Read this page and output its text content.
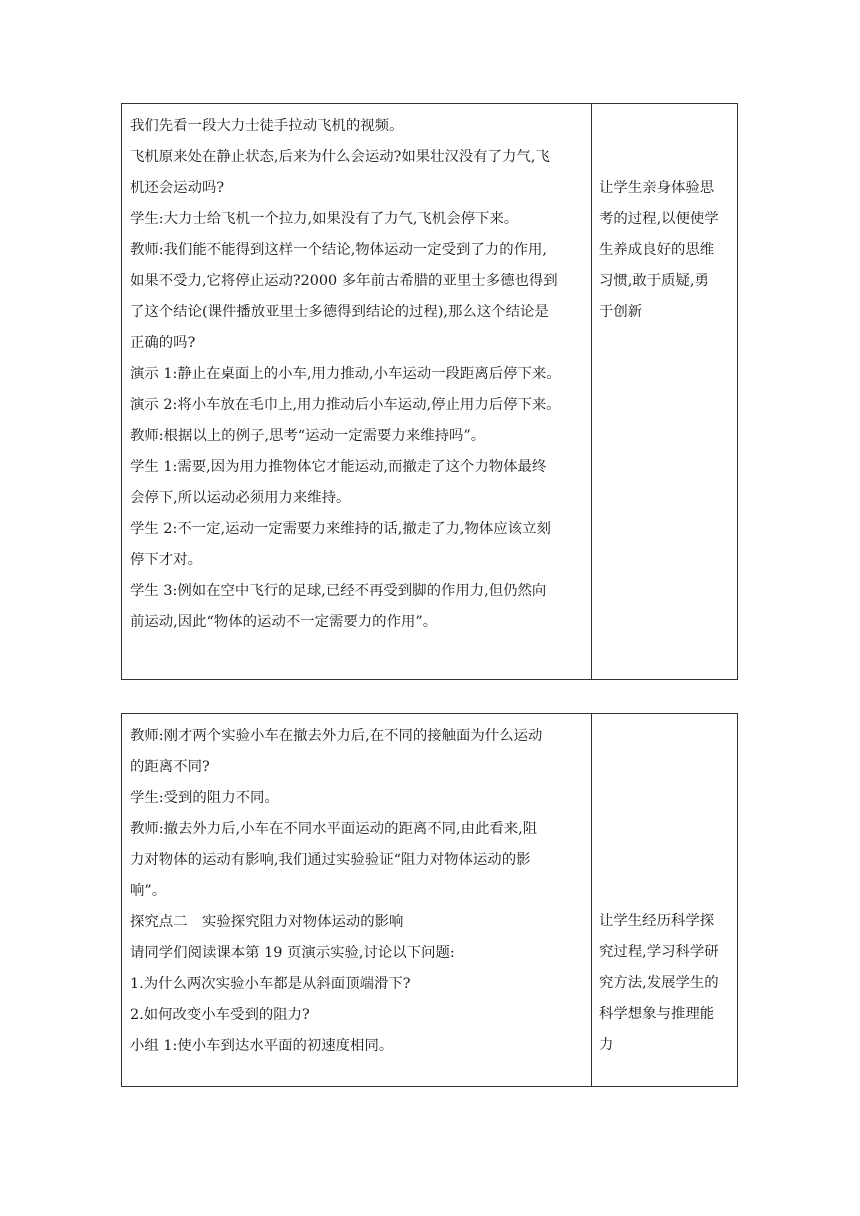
我们先看一段大力士徒手拉动飞机的视频。

飞机原来处在静止状态,后来为什么会运动?如果壮汉没有了力气,飞

机还会运动吗?

学生:大力士给飞机一个拉力,如果没有了力气,飞机会停下来。

教师:我们能不能得到这样一个结论,物体运动一定受到了力的作用,

如果不受力,它将停止运动?2000 多年前古希腊的亚里士多德也得到

了这个结论(课件播放亚里士多德得到结论的过程),那么这个结论是

正确的吗?

演示 1:静止在桌面上的小车,用力推动,小车运动一段距离后停下来。

演示 2:将小车放在毛巾上,用力推动后小车运动,停止用力后停下来。

教师:根据以上的例子,思考“运动一定需要力来维持吗”。

学生 1:需要,因为用力推物体它才能运动,而撤走了这个力物体最终

会停下,所以运动必须用力来维持。

学生 2:不一定,运动一定需要力来维持的话,撤走了力,物体应该立刻

停下才对。

学生 3:例如在空中飞行的足球,已经不再受到脚的作用力,但仍然向

前运动,因此“物体的运动不一定需要力的作用”。

让学生亲身体验思

考的过程,以便使学

生养成良好的思维

习惯,敢于质疑,勇

于创新

教师:刚才两个实验小车在撤去外力后,在不同的接触面为什么运动

的距离不同?

学生:受到的阻力不同。

教师:撤去外力后,小车在不同水平面运动的距离不同,由此看来,阻

力对物体的运动有影响,我们通过实验验证“阻力对物体运动的影

响”。

探究点二　实验探究阻力对物体运动的影响

请同学们阅读课本第 19 页演示实验,讨论以下问题:

1.为什么两次实验小车都是从斜面顶端滑下?

2.如何改变小车受到的阻力?

小组 1:使小车到达水平面的初速度相同。

让学生经历科学探

究过程,学习科学研

究方法,发展学生的

科学想象与推理能

力
